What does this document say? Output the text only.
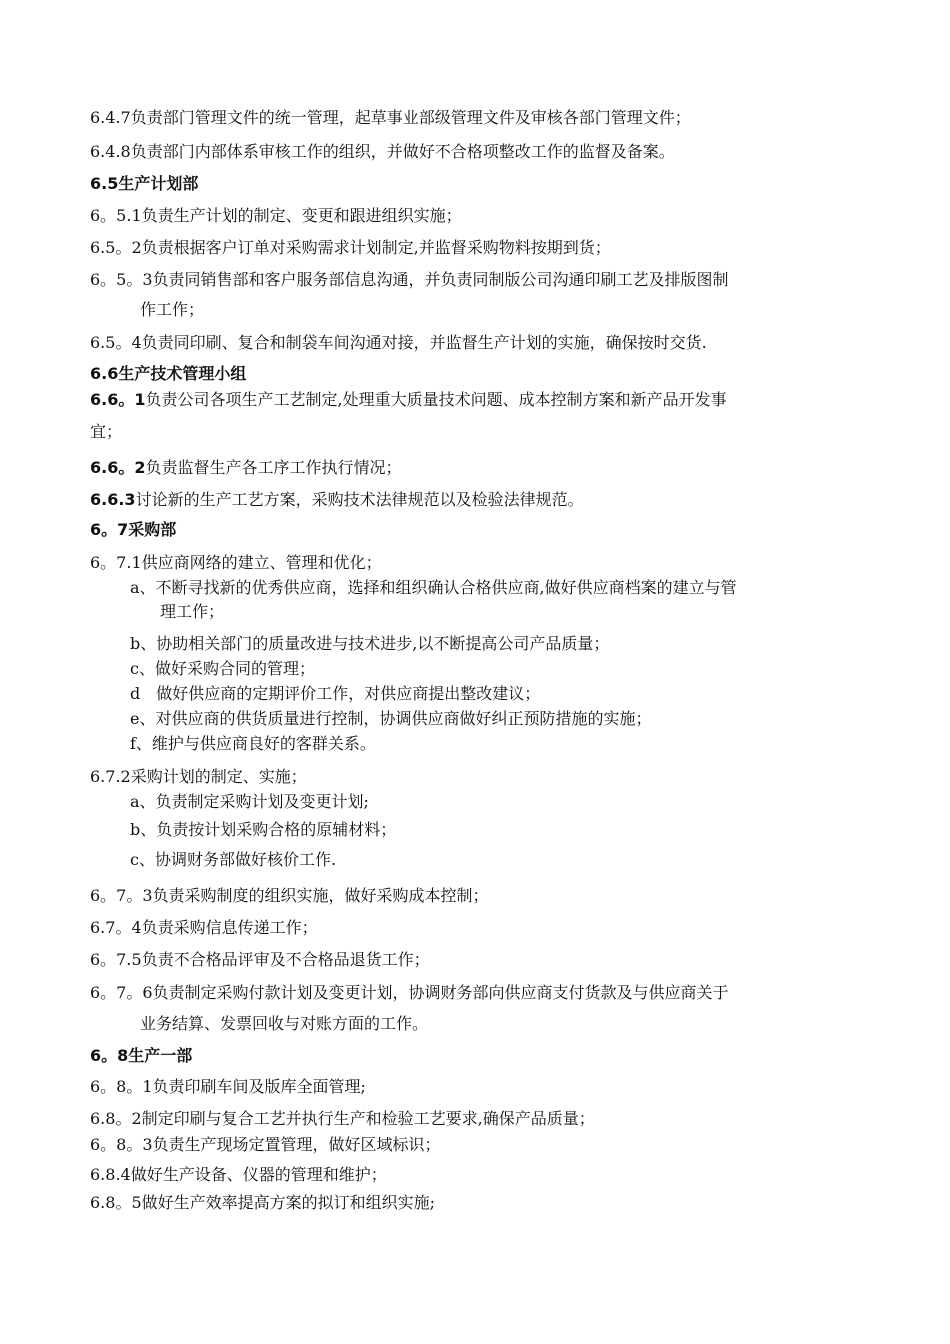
6.4.7负责部门管理文件的统一管理，起草事业部级管理文件及审核各部门管理文件；
6.4.8负责部门内部体系审核工作的组织，并做好不合格项整改工作的监督及备案。
6.5生产计划部
6。5.1负责生产计划的制定、变更和跟进组织实施；
6.5。2负责根据客户订单对采购需求计划制定,并监督采购物料按期到货；
6。5。3负责同销售部和客户服务部信息沟通，并负责同制版公司沟通印刷工艺及排版图制
作工作；
6.5。4负责同印刷、复合和制袋车间沟通对接，并监督生产计划的实施，确保按时交货.
6.6生产技术管理小组
6.6。1负责公司各项生产工艺制定,处理重大质量技术问题、成本控制方案和新产品开发事
宜；
6.6。2负责监督生产各工序工作执行情况；
6.6.3讨论新的生产工艺方案，采购技术法律规范以及检验法律规范。
6。7采购部
6。7.1供应商网络的建立、管理和优化；
a、不断寻找新的优秀供应商，选择和组织确认合格供应商,做好供应商档案的建立与管
理工作；
b、协助相关部门的质量改进与技术进步,以不断提高公司产品质量；
c、做好采购合同的管理；
d　做好供应商的定期评价工作，对供应商提出整改建议；
e、对供应商的供货质量进行控制，协调供应商做好纠正预防措施的实施；
f、维护与供应商良好的客群关系。
6.7.2采购计划的制定、实施；
a、负责制定采购计划及变更计划;
b、负责按计划采购合格的原辅材料；
c、协调财务部做好核价工作.
6。7。3负责采购制度的组织实施，做好采购成本控制；
6.7。4负责采购信息传递工作；
6。7.5负责不合格品评审及不合格品退货工作；
6。7。6负责制定采购付款计划及变更计划，协调财务部向供应商支付货款及与供应商关于
业务结算、发票回收与对账方面的工作。
6。8生产一部
6。8。1负责印刷车间及版库全面管理;
6.8。2制定印刷与复合工艺并执行生产和检验工艺要求,确保产品质量；
6。8。3负责生产现场定置管理，做好区域标识；
6.8.4做好生产设备、仪器的管理和维护；
6.8。5做好生产效率提高方案的拟订和组织实施;
